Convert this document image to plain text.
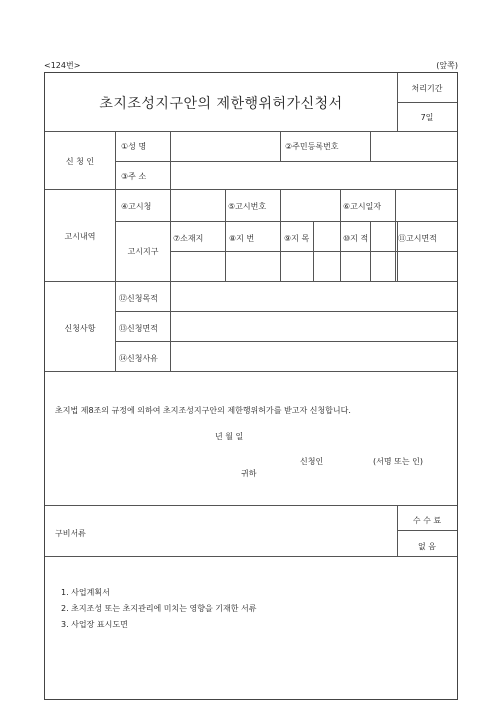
<124번>	(앞쪽)
초지조성지구안의 제한행위허가신청서
처리기간
7일
신 청 인
①성 명	②주민등록번호
③주 소
고시내역
④고시청	⑤고시번호	⑥고시일자
고시지구
⑦소재지	⑧지 번	⑨지 목	⑩지 적	⑪고시면적
신청사항
⑫신청목적
⑬신청면적
⑭신청사유
초지법 제8조의 규정에 의하여 초지조성지구안의 제한행위허가를 받고자 신청합니다.
년 월 일
신청인	(서명 또는 인)
귀하
구비서류
수 수 료
없 음
1. 사업계획서
2. 초지조성 또는 초지관리에 미치는 영향을 기재한 서류
3. 사업장 표시도면
